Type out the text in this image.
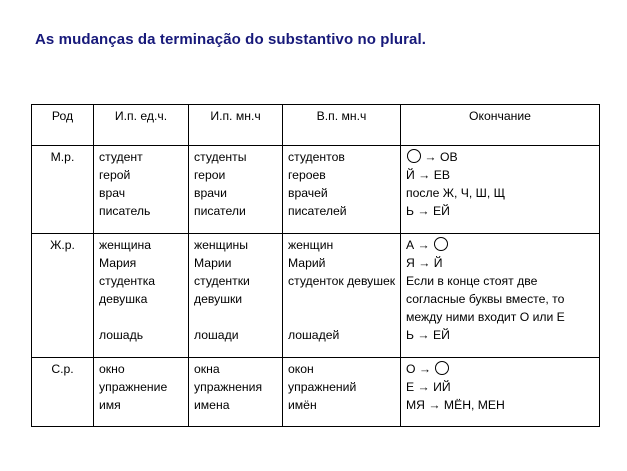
As mudanças da terminação do substantivo no plural.
Род	И.п. ед.ч.	И.п. мн.ч	В.п. мн.ч	Окончание
М.р.	студент
герой
врач
писатель	студенты
герои
врачи
писатели	студентов
героев
врачей
писателей	→ ОВ
Й → ЕВ
после Ж, Ч, Ш, Щ
Ь → ЕЙ

Ж.р.	женщина
Мария
студентка
девушка
лошадь	женщины
Марии
студентки
девушки
лошади	женщин
Марий
студенток девушек
лошадей	А →
Я → Й
Если в конце стоят две согласные буквы вместе, то между ними входит О или Е
Ь → ЕЙ

С.р.	окно
упражнение
имя	окна
упражнения
имена	окон
упражнений
имён	О →
Е → ИЙ
МЯ → МЁН, МЕН
